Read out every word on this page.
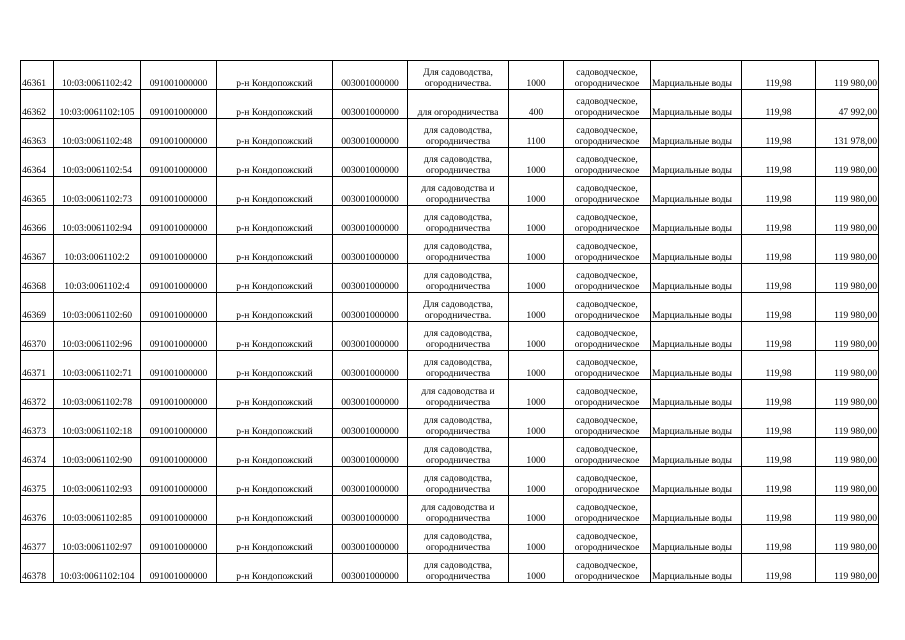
46361	10:03:0061102:42	091001000000	р-н Кондопожский	003001000000	Для садоводства,
огородничества.	1000	садоводческое,
огородническое	Марциальные воды	119,98	119 980,00
46362	10:03:0061102:105	091001000000	р-н Кондопожский	003001000000	для огородничества	400	садоводческое,
огородническое	Марциальные воды	119,98	47 992,00
46363	10:03:0061102:48	091001000000	р-н Кондопожский	003001000000	для садоводства,
огородничества	1100	садоводческое,
огородническое	Марциальные воды	119,98	131 978,00
46364	10:03:0061102:54	091001000000	р-н Кондопожский	003001000000	для садоводства,
огородничества	1000	садоводческое,
огородническое	Марциальные воды	119,98	119 980,00
46365	10:03:0061102:73	091001000000	р-н Кондопожский	003001000000	для садоводства и
огородничества	1000	садоводческое,
огородническое	Марциальные воды	119,98	119 980,00
46366	10:03:0061102:94	091001000000	р-н Кондопожский	003001000000	для садоводства,
огородничества	1000	садоводческое,
огородническое	Марциальные воды	119,98	119 980,00
46367	10:03:0061102:2	091001000000	р-н Кондопожский	003001000000	для садоводства,
огородничества	1000	садоводческое,
огородническое	Марциальные воды	119,98	119 980,00
46368	10:03:0061102:4	091001000000	р-н Кондопожский	003001000000	для садоводства,
огородничества	1000	садоводческое,
огородническое	Марциальные воды	119,98	119 980,00
46369	10:03:0061102:60	091001000000	р-н Кондопожский	003001000000	Для садоводства,
огородничества.	1000	садоводческое,
огородническое	Марциальные воды	119,98	119 980,00
46370	10:03:0061102:96	091001000000	р-н Кондопожский	003001000000	для садоводства,
огородничества	1000	садоводческое,
огородническое	Марциальные воды	119,98	119 980,00
46371	10:03:0061102:71	091001000000	р-н Кондопожский	003001000000	для садоводства,
огородничества	1000	садоводческое,
огородническое	Марциальные воды	119,98	119 980,00
46372	10:03:0061102:78	091001000000	р-н Кондопожский	003001000000	для садоводства и
огородничества	1000	садоводческое,
огородническое	Марциальные воды	119,98	119 980,00
46373	10:03:0061102:18	091001000000	р-н Кондопожский	003001000000	для садоводства,
огородничества	1000	садоводческое,
огородническое	Марциальные воды	119,98	119 980,00
46374	10:03:0061102:90	091001000000	р-н Кондопожский	003001000000	для садоводства,
огородничества	1000	садоводческое,
огородническое	Марциальные воды	119,98	119 980,00
46375	10:03:0061102:93	091001000000	р-н Кондопожский	003001000000	для садоводства,
огородничества	1000	садоводческое,
огородническое	Марциальные воды	119,98	119 980,00
46376	10:03:0061102:85	091001000000	р-н Кондопожский	003001000000	для садоводства и
огородничества	1000	садоводческое,
огородническое	Марциальные воды	119,98	119 980,00
46377	10:03:0061102:97	091001000000	р-н Кондопожский	003001000000	для садоводства,
огородничества	1000	садоводческое,
огородническое	Марциальные воды	119,98	119 980,00
46378	10:03:0061102:104	091001000000	р-н Кондопожский	003001000000	для садоводства,
огородничества	1000	садоводческое,
огородническое	Марциальные воды	119,98	119 980,00
